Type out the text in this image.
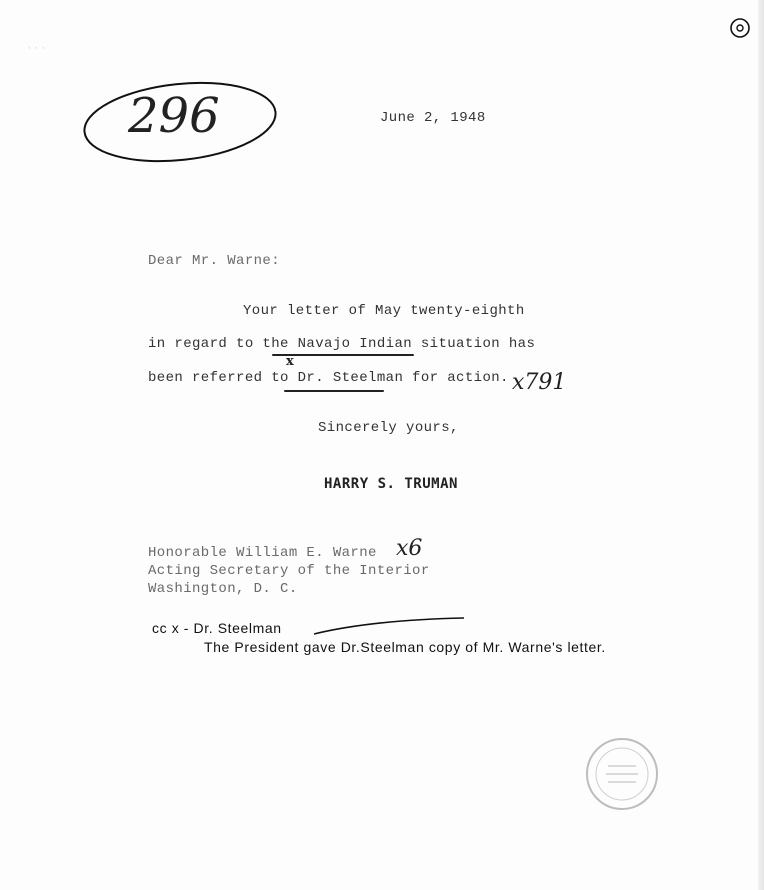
· · ·
296	June 2, 1948
Dear Mr. Warne:
Your letter of May twenty-eighth
in regard to the Navajo Indian situation has
been referred to Dr. Steelman for action.
x
x791
Sincerely yours,
HARRY S. TRUMAN
Honorable William E. Warne
Acting Secretary of the Interior
Washington, D. C.
x6
cc x - Dr. Steelman
The President gave Dr.Steelman copy of Mr. Warne's letter.
